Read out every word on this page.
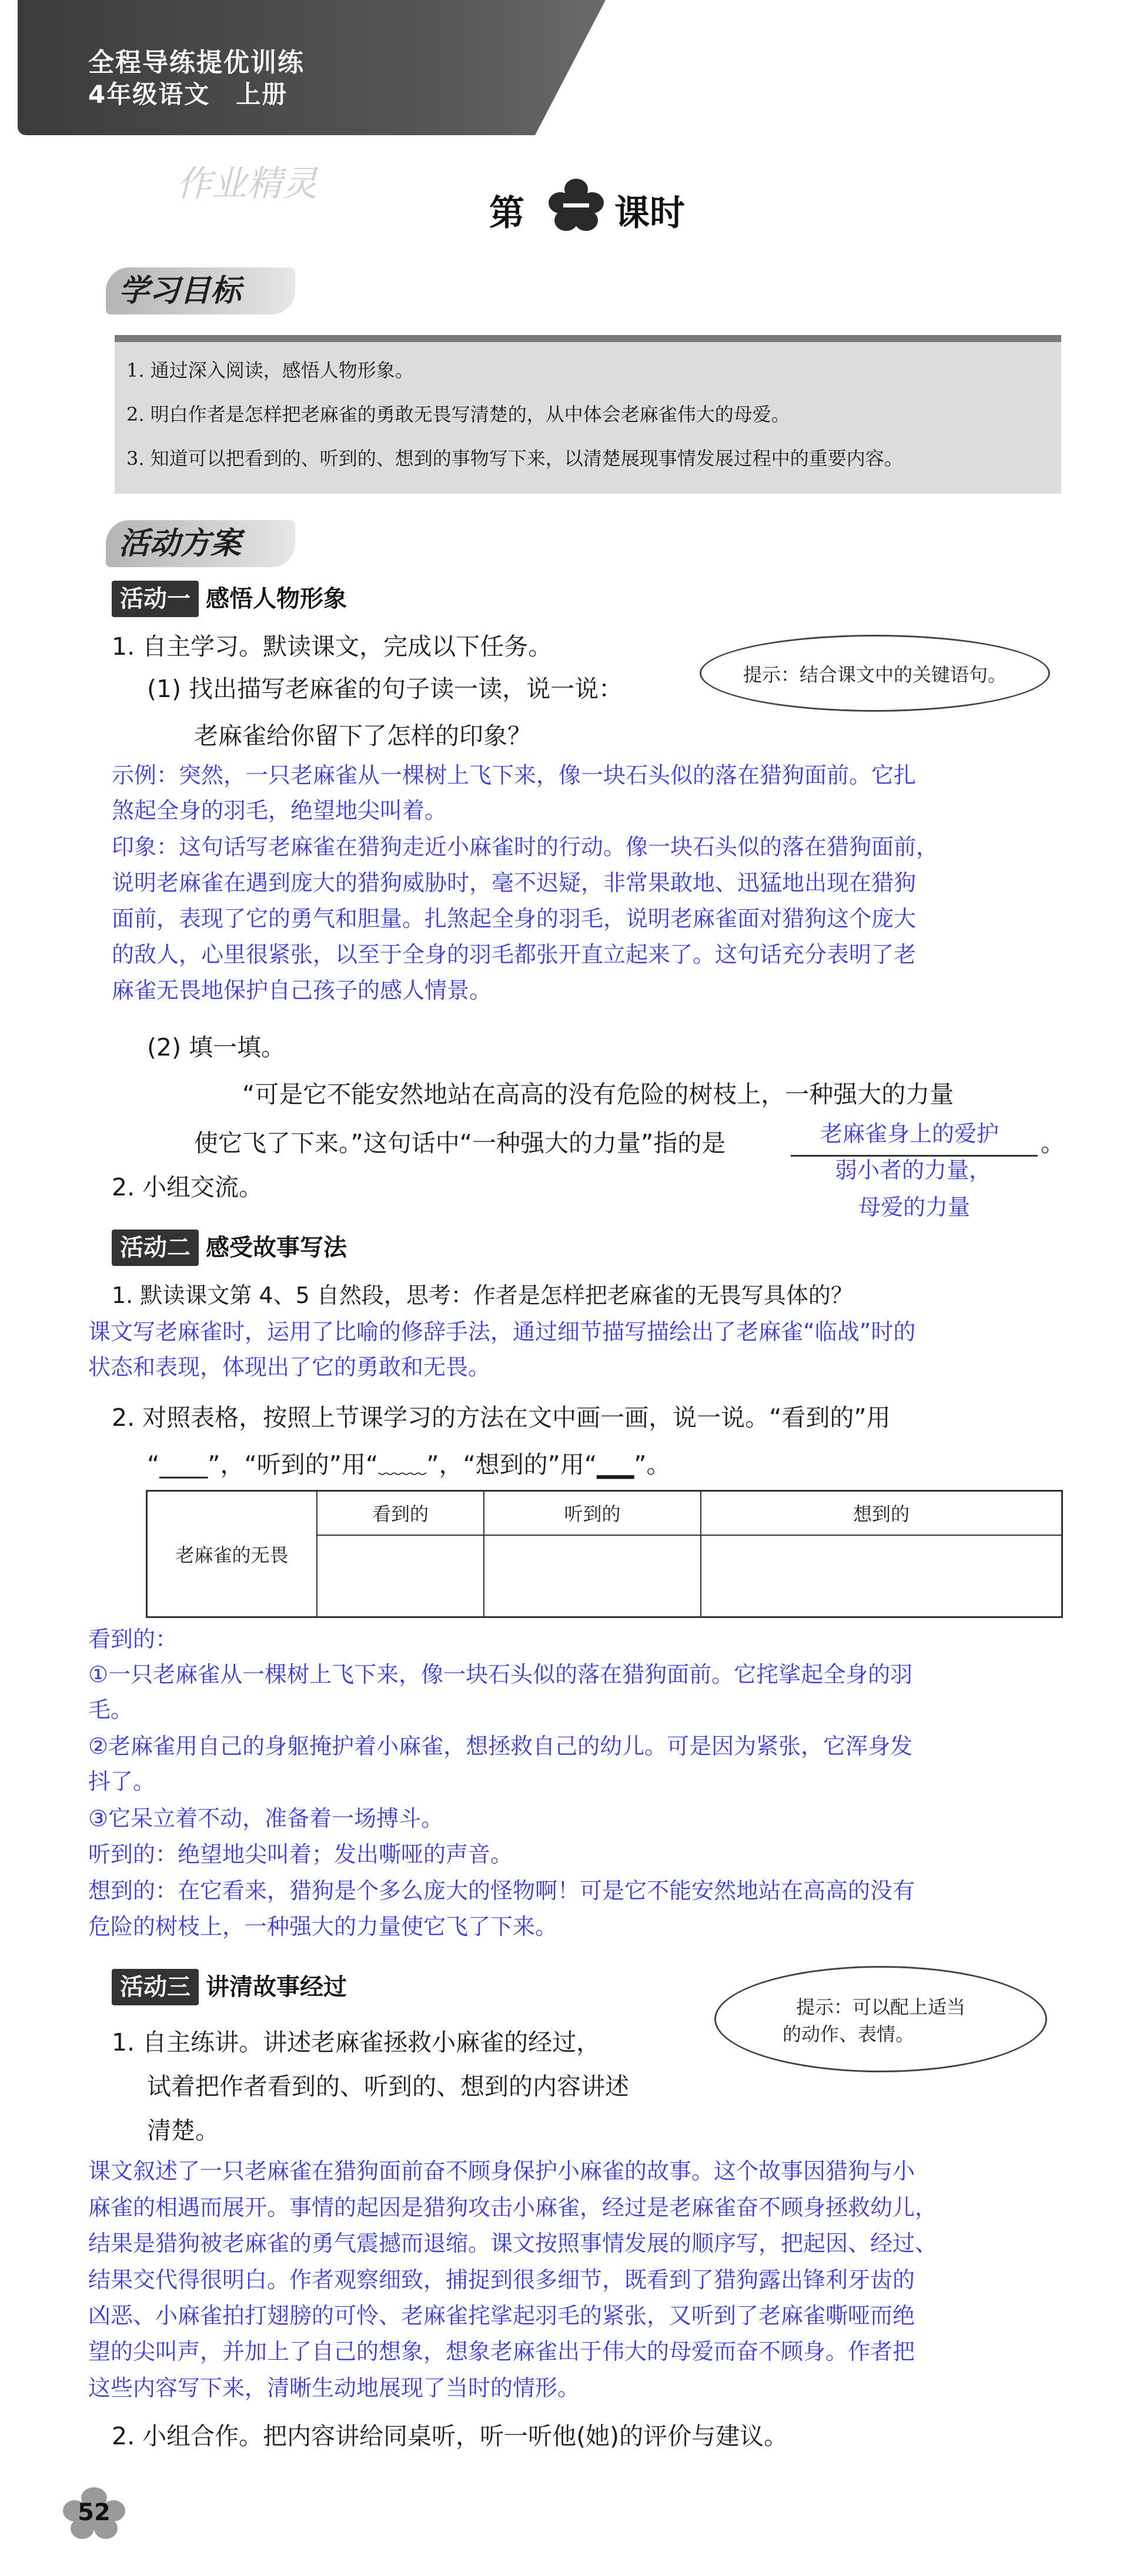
全程导练提优训练
4年级语文　上册
作业精灵
第	课时
学习目标
1. 通过深入阅读，感悟人物形象。
2. 明白作者是怎样把老麻雀的勇敢无畏写清楚的，从中体会老麻雀伟大的母爱。
3. 知道可以把看到的、听到的、想到的事物写下来，以清楚展现事情发展过程中的重要内容。
活动方案
活动一 感悟人物形象
1. 自主学习。默读课文，完成以下任务。
(1) 找出描写老麻雀的句子读一读，说一说：
老麻雀给你留下了怎样的印象？
提示：结合课文中的关键语句。
示例：突然，一只老麻雀从一棵树上飞下来，像一块石头似的落在猎狗面前。它扎
煞起全身的羽毛，绝望地尖叫着。
印象：这句话写老麻雀在猎狗走近小麻雀时的行动。像一块石头似的落在猎狗面前，
说明老麻雀在遇到庞大的猎狗威胁时，毫不迟疑，非常果敢地、迅猛地出现在猎狗
面前，表现了它的勇气和胆量。扎煞起全身的羽毛，说明老麻雀面对猎狗这个庞大
的敌人，心里很紧张，以至于全身的羽毛都张开直立起来了。这句话充分表明了老
麻雀无畏地保护自己孩子的感人情景。
(2) 填一填。
“可是它不能安然地站在高高的没有危险的树枝上，一种强大的力量
使它飞了下来。”这句话中“一种强大的力量”指的是	老麻雀身上的爱护 。
弱小者的力量，
母爱的力量
2. 小组交流。
活动二 感受故事写法
1. 默读课文第 4、5 自然段，思考：作者是怎样把老麻雀的无畏写具体的？
课文写老麻雀时，运用了比喻的修辞手法，通过细节描写描绘出了老麻雀“临战”时的
状态和表现，体现出了它的勇敢和无畏。
2. 对照表格，按照上节课学习的方法在文中画一画，说一说。“看到的”用
“____”，“听到的”用“﹏﹏”，“想到的”用“▁▁”。
老麻雀的无畏	看到的	听到的	想到的

看到的：
①一只老麻雀从一棵树上飞下来，像一块石头似的落在猎狗面前。它挓挲起全身的羽
毛。
②老麻雀用自己的身躯掩护着小麻雀，想拯救自己的幼儿。可是因为紧张，它浑身发
抖了。
③它呆立着不动，准备着一场搏斗。
听到的：绝望地尖叫着；发出嘶哑的声音。
想到的：在它看来，猎狗是个多么庞大的怪物啊！可是它不能安然地站在高高的没有
危险的树枝上，一种强大的力量使它飞了下来。
活动三 讲清故事经过
提示：可以配上适当
的动作、表情。
1. 自主练讲。讲述老麻雀拯救小麻雀的经过，
试着把作者看到的、听到的、想到的内容讲述
清楚。
课文叙述了一只老麻雀在猎狗面前奋不顾身保护小麻雀的故事。这个故事因猎狗与小
麻雀的相遇而展开。事情的起因是猎狗攻击小麻雀，经过是老麻雀奋不顾身拯救幼儿，
结果是猎狗被老麻雀的勇气震撼而退缩。课文按照事情发展的顺序写，把起因、经过、
结果交代得很明白。作者观察细致，捕捉到很多细节，既看到了猎狗露出锋利牙齿的
凶恶、小麻雀拍打翅膀的可怜、老麻雀挓挲起羽毛的紧张，又听到了老麻雀嘶哑而绝
望的尖叫声，并加上了自己的想象，想象老麻雀出于伟大的母爱而奋不顾身。作者把
这些内容写下来，清晰生动地展现了当时的情形。
2. 小组合作。把内容讲给同桌听，听一听他(她)的评价与建议。
52
